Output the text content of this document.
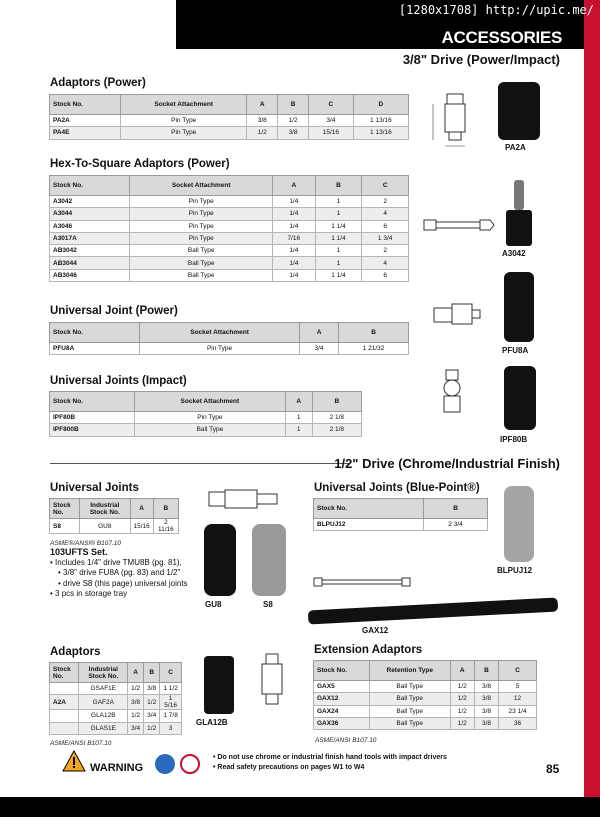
ACCESSORIES
3/8" Drive (Power/Impact)
Adaptors (Power)
Stock No.	Socket Attachment	A	B	C	D
PA2A	Pin Type	3/8	1/2	3/4	1 13/16
PA4E	Pin Type	1/2	3/8	15/16	1 13/16
Hex-To-Square Adaptors (Power)
Stock No.	Socket Attachment	A	B	C
A3042	Pin Type	1/4	1	2
A3044	Pin Type	1/4	1	4
A3046	Pin Type	1/4	1 1/4	6
A3017A	Pin Type	7/16	1 1/4	1 3/4
AB3042	Ball Type	1/4	1	2
AB3044	Ball Type	1/4	1	4
AB3046	Ball Type	1/4	1 1/4	6
Universal Joint (Power)
Stock No.	Socket Attachment	A	B
PFU8A	Pin Type	3/4	1 21/32
Universal Joints (Impact)
Stock No.	Socket Attachment	A	B
IPF80B	Pin Type	1	2 1/8
IPF800B	Ball Type	1	2 1/8
1/2" Drive (Chrome/Industrial Finish)
Universal Joints
Stock No.	Industrial Stock No.	A	B
S8	GU8	15/16	2 11/16
ASME®/ANSI® B107.10
103UFTS Set.
• Includes 1/4" drive TMU8B (pg. 81),
• 3/8" drive FU8A (pg. 83) and 1/2"
• drive S8 (this page) universal joints
• 3 pcs in storage tray
Universal Joints (Blue-Point®)
Stock No.	B
BLPUJ12	2 3/4
Adaptors
Stock No.	Industrial Stock No.	A	B	C
	GSAF1E	1/2	3/8	1 1/2
A2A	GAF2A	3/8	1/2	1 5/16
	GLA12B	1/2	3/4	1 7/8
	GLAS1E	3/4	1/2	3
ASME/ANSI B107.10
Extension Adaptors
Stock No.	Retention Type	A	B	C
GAX5	Ball Type	1/2	3/8	5
GAX12	Ball Type	1/2	3/8	12
GAX24	Ball Type	1/2	3/8	23 1/4
GAX36	Ball Type	1/2	3/8	36
ASME/ANSI B107.10
PA2A
A3042
PFU8A
IPF80B
GU8	S8
BLPUJ12
GAX12
GLA12B
WARNING
• Do not use chrome or industrial finish hand tools with impact drivers
• Read safety precautions on pages W1 to W4	85
[1280x1708] http://upic.me/
